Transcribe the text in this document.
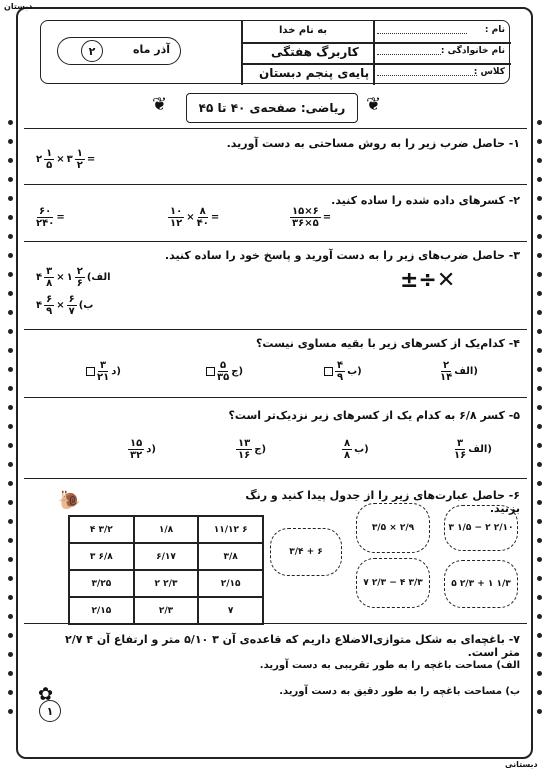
دبستان
به نام خدا
کاربرگ هفتگی
پایه‌ی پنجم دبستان
نام :
نام خانوادگی :
کلاس :
آذر ماه
۲
❦	ریاضی: صفحه‌ی ۴۰ تا ۴۵	❦
۱- حاصل ضرب زیر را به روش مساحتی به دست آورید.
۲ $\frac{۱}{۵}$ × ۳ $\frac{۱}{۲}$ =
۲- کسرهای داده شده را ساده کنید.
$\frac{۱۵\times ۶}{۳۶\times ۵}$ =
$\frac{۱۰}{۱۲} \times \frac{۸}{۴۰}$ =
$\frac{۶۰}{۲۴۰}$ =
۳- حاصل ضرب‌های زیر را به دست آورید و پاسخ خود را ساده کنید.
۴ $\frac{۳}{۸}$ × ۱ $\frac{۲}{۶}$ (الف
۴ $\frac{۶}{۹} \times \frac{۶}{۷}$ (ب
±÷✕
۴- کدام‌یک از کسرهای زیر با بقیه مساوی نیست؟
$\frac{۲}{۱۴}$ الف)
$\frac{۴}{۹}$ ب)
$\frac{۵}{۳۵}$ ج)
$\frac{۳}{۲۱}$ د)
۵- کسر ۶/۸ به کدام یک از کسرهای زیر نزدیک‌تر است؟
$\frac{۳}{۱۶}$ الف)
$\frac{۸}{۸}$ ب)
$\frac{۱۳}{۱۶}$ ج)
$\frac{۱۵}{۳۲}$ د)
۶- حاصل عبارت‌های زیر را از جدول پیدا کنید و رنگ بزنید.
🐌
۴ ۳/۲	۱/۸	۱۱/۱۲ ۶
۳ ۶/۸	۶/۱۷	۳/۸
۳/۲۵	۲ ۲/۳	۲/۱۵
۲/۱۵	۲/۳	۷
۳ ۱/۵ − ۲ ۲/۱۰
۳/۵ × ۲/۹
۵ ۲/۳ + ۱ ۱/۳
۷ ۲/۳ − ۴ ۳/۳
۳/۴ + ۶
۷- باغچه‌ای به شکل متوازی‌الاضلاع داریم که قاعده‌ی آن ۳ ۵/۱۰ متر و ارتفاع آن ۴ ۲/۷ متر است.
الف) مساحت باغچه را به طور تقریبی به دست آورید.
ب) مساحت باغچه را به طور دقیق به دست آورید.
✿
۱
دبستانی
